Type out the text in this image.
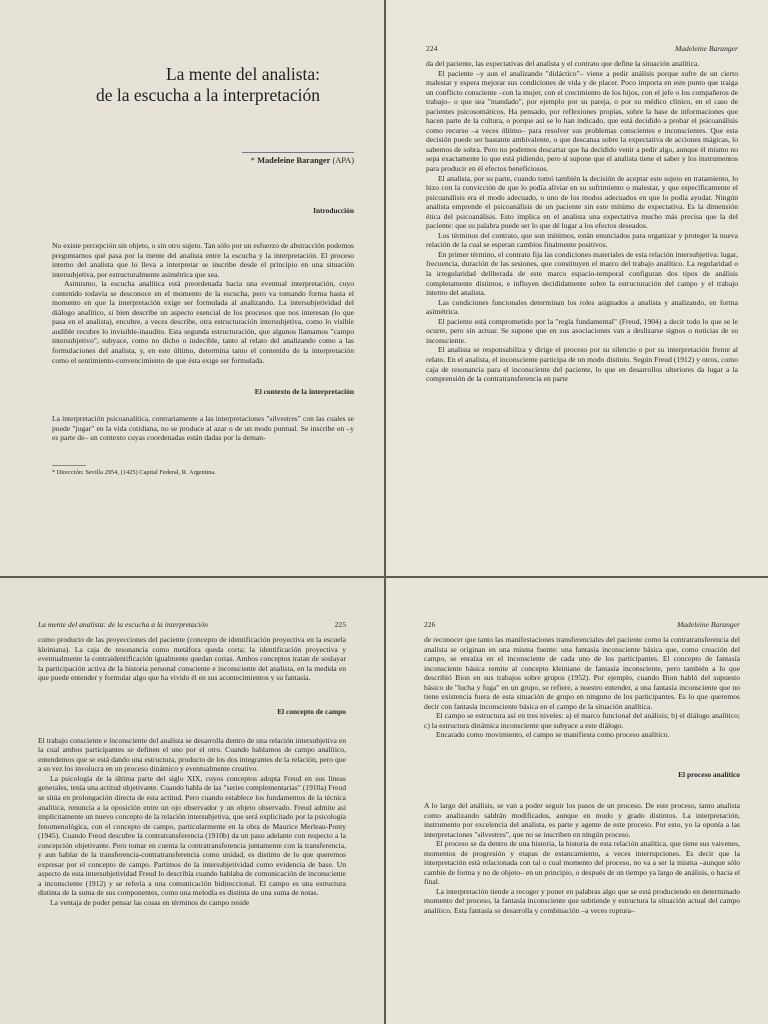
La mente del analista:
de la escucha a la interpretación
* Madeleine Baranger (APA)
Introducción

No existe percepción sin objeto, o sin otro sujeto. Tan sólo por un esfuerzo de abstracción podemos preguntarnos qué pasa por la mente del analista entre la escucha y la interpretación. El proceso interno del analista que lo lleva a interpretar se inscribe desde el principio en una situación intersubjetiva, por estructuralmente asimétrica que sea.

Asimismo, la escucha analítica está preordenada hacia una eventual interpretación, cuyo contenido todavía se desconoce en el momento de la escucha, pero va tomando forma hasta el momento en que la interpretación exige ser formulada al analizando. La intersubjetividad del diálogo analítico, si bien describe un aspecto esencial de los procesos que nos interesan (lo que pasa en el analista), encubre, a veces describe, otra estructuración intersubjetiva, como lo visible audible recubre lo invisible-inaudito. Esta segunda estructuración, que algunos llamamos "campo intersubjetivo", subyace, como no dicho o indecible, tanto al relato del analizando como a las formulaciones del analista, y, en este último, determina tanto el contenido de la interpretación como el sentimiento-convencimiento de que ésta exige ser formulada.

El contexto de la interpretación

La interpretación psicoanalítica, contrariamente a las interpretaciones "silvestres" con las cuales se puede "jugar" en la vida cotidiana, no se produce al azar o de un modo puntual. Se inscribe en –y es parte de– un contexto cuyas coordenadas están dadas por la deman-

* Dirección: Sevilla 2954, (1425) Capital Federal, R. Argentina.
224	Madeleine Baranger

da del paciente, las expectativas del analista y el contrato que define la situación analítica.

El paciente –y aun el analizando "didáctico"– viene a pedir análisis porque sufre de un cierto malestar y espera mejorar sus condiciones de vida y de placer. Poco importa en este punto que traiga un conflicto consciente –con la mujer, con el crecimiento de los hijos, con el jefe o los compañeros de trabajo– o que sea "mandado", por ejemplo por su pareja, o por su médico clínico, en el caso de pacientes psicosomáticos. Ha pensado, por reflexiones propias, sobre la base de informaciones que hacen parte de la cultura, o porque así se lo han indicado, que está decidido a probar el psicoanálisis como recurso –a veces último– para resolver sus problemas conscientes e inconscientes. Que esta decisión puede ser bastante ambivalente, o que descansa sobre la expectativa de acciones mágicas, lo sabemos de sobra. Pero no podemos descartar que ha decidido venir a pedir algo, aunque él mismo no sepa exactamente lo que está pidiendo, pero sí supone que el analista tiene el saber y los instrumentos para producir en él efectos beneficiosos.

El analista, por su parte, cuando tomó también la decisión de aceptar este sujeto en tratamiento, lo hizo con la convicción de que lo podía aliviar en su sufrimiento o malestar, y que específicamente el psicoanálisis era el modo adecuado, o uno de los modos adecuados en que lo podía ayudar. Ningún analista emprende el psicoanálisis de un paciente sin este mínimo de expectativa. Es la dimensión ética del psicoanálisis. Esto implica en el analista una expectativa mucho más precisa que la del paciente: que su palabra puede ser lo que dé lugar a los efectos deseados.

Los términos del contrato, que son mínimos, están enunciados para organizar y proteger la nueva relación de la cual se esperan cambios finalmente positivos.

En primer término, el contrato fija las condiciones materiales de esta relación intersubjetiva: lugar, frecuencia, duración de las sesiones, que constituyen el marco del trabajo analítico. La regularidad o la irregularidad deliberada de este marco espacio-temporal configuran dos tipos de análisis completamente distintos, e influyen decididamente sobre la estructuración del campo y el trabajo interno del analista.

Las condiciones funcionales determinan los roles asignados a analista y analizando, en forma asimétrica.

El paciente está comprometido por la "regla fundamental" (Freud, 1904) a decir todo lo que se le ocurre, pero sin actuar. Se supone que en sus asociaciones van a deslizarse signos o noticias de su inconsciente.

El analista se responsabiliza y dirige el proceso por su silencio o por su interpretación frente al relato. En el analista, el inconsciente participa de un modo distinto. Según Freud (1912) y otros, como caja de resonancia para el inconsciente del paciente, lo que en desarrollos ulteriores da lugar a la comprensión de la contratransferencia en parte

La mente del analista: de la escucha a la interpretación	225

como producto de las proyecciones del paciente (concepto de identificación proyectiva en la escuela kleiniana). La caja de resonancia como metáfora queda corta; la identificación proyectiva y eventualmente la contraidentificación igualmente quedan cortas. Ambos conceptos tratan de soslayar la participación activa de la historia personal consciente e inconsciente del analista, en la medida en que puede entender y formular algo que ha vivido él en sus acontecimientos y su fantasía.

El concepto de campo

El trabajo consciente e inconsciente del analista se desarrolla dentro de una relación intersubjetiva en la cual ambos participantes se definen el uno por el otro. Cuando hablamos de campo analítico, entendemos que se está dando una estructura, producto de los dos integrantes de la relación, pero que a su vez los involucra en un proceso dinámico y eventualmente creativo.

La psicología de la última parte del siglo XIX, cuyos conceptos adopta Freud en sus líneas generales, tenía una actitud objetivante. Cuando habla de las "series complementarias" (1910a) Freud se sitúa en prolongación directa de esta actitud. Pero cuando establece los fundamentos de la técnica analítica, renuncia a la oposición entre un ojo observador y un objeto observado. Freud admite así implícitamente un nuevo concepto de la relación intersubjetiva, que será explicitado por la psicología fenomenológica, con el concepto de campo, particularmente en la obra de Maurice Merleau-Ponty (1945). Cuando Freud descubre la contratransferencia (1910b) da un paso adelante con respecto a la concepción objetivante. Pero tomar en cuenta la contratransferencia juntamente con la transferencia, y aun hablar de la transferencia-contratransferencia como unidad, es distinto de lo que queremos expresar por el concepto de campo. Partimos de la intersubjetividad como evidencia de base. Un aspecto de esta intersubjetividad Freud lo describía cuando hablaba de comunicación de inconsciente a inconsciente (1912) y se refería a una comunicación bidireccional. El campo es una estructura distinta de la suma de sus componentes, como una melodía es distinta de una suma de notas.

La ventaja de poder pensar las cosas en términos de campo reside

226	Madeleine Baranger

de reconocer que tanto las manifestaciones transferenciales del paciente como la contratransferencia del analista se originan en una misma fuente: una fantasía inconsciente básica que, como creación del campo, se enraíza en el inconsciente de cada uno de los participantes. El concepto de fantasía inconsciente básica remite al concepto kleiniano de fantasía inconsciente, pero también a lo que describió Bion en sus trabajos sobre grupos (1952). Por ejemplo, cuando Bion habló del supuesto básico de "lucha y fuga" en un grupo, se refiere, a nuestro entender, a una fantasía inconsciente que no tiene existencia fuera de esta situación de grupo en ninguno de los participantes. Es lo que queremos decir con fantasía inconsciente básica en el campo de la situación analítica.

El campo se estructura así en tres niveles: a) el marco funcional del análisis; b) el diálogo analítico; c) la estructura dinámica inconsciente que subyace a este diálogo.

Encarado como movimiento, el campo se manifiesta como proceso analítico.

El proceso analítico

A lo largo del análisis, se van a poder seguir los pasos de un proceso. De este proceso, tanto analista como analizando saldrán modificados, aunque en modo y grado distintos. La interpretación, instrumento por excelencia del analista, es parte y agente de este proceso. Por esto, yo la oponía a las interpretaciones "silvestres", que no se inscriben en ningún proceso.

El proceso se da dentro de una historia, la historia de esta relación analítica, que tiene sus vaivenes, momentos de progresión y etapas de estancamiento, a veces interrupciones. Es decir que la interpretación está relacionada con tal o cual momento del proceso, no va a ser la misma –aunque sólo cambie de forma y no de objeto– en un principio, o después de un tiempo ya largo de análisis, o hacia el final.

La interpretación tiende a recoger y poner en palabras algo que se está produciendo en determinado momento del proceso, la fantasía inconsciente que subtiende y estructura la situación actual del campo analítico. Esta fantasía se desarrolla y combinación –a veces ruptura–
